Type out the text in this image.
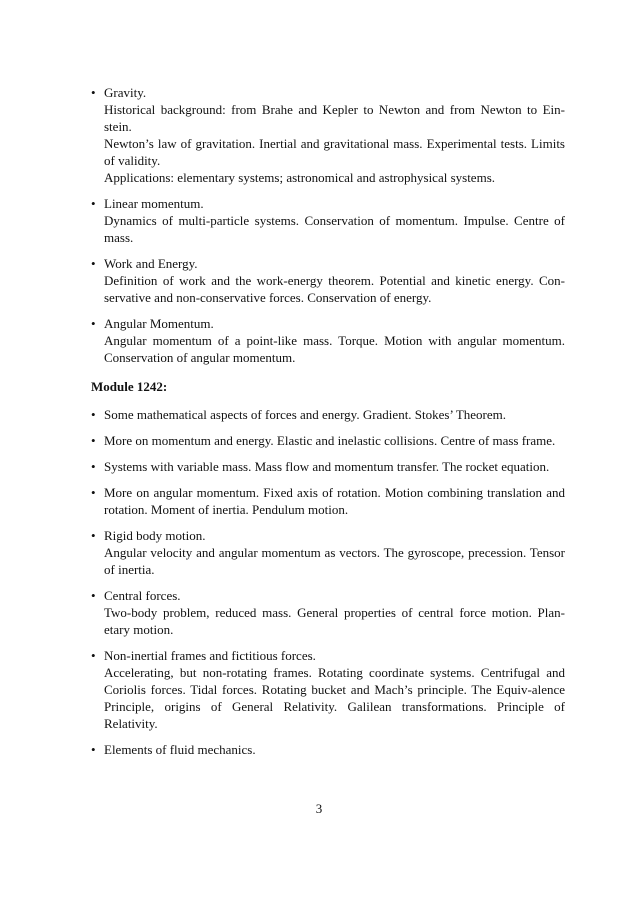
• Gravity.
Historical background: from Brahe and Kepler to Newton and from Newton to Ein-stein.
Newton’s law of gravitation. Inertial and gravitational mass. Experimental tests. Limits of validity.
Applications: elementary systems; astronomical and astrophysical systems.
• Linear momentum.
Dynamics of multi-particle systems. Conservation of momentum. Impulse. Centre of mass.
• Work and Energy.
Definition of work and the work-energy theorem. Potential and kinetic energy. Con-servative and non-conservative forces. Conservation of energy.
• Angular Momentum.
Angular momentum of a point-like mass. Torque. Motion with angular momentum. Conservation of angular momentum.
Module 1242:
• Some mathematical aspects of forces and energy. Gradient. Stokes’ Theorem.
• More on momentum and energy. Elastic and inelastic collisions. Centre of mass frame.
• Systems with variable mass. Mass flow and momentum transfer. The rocket equation.
• More on angular momentum. Fixed axis of rotation. Motion combining translation and rotation. Moment of inertia. Pendulum motion.
• Rigid body motion.
Angular velocity and angular momentum as vectors. The gyroscope, precession. Tensor of inertia.
• Central forces.
Two-body problem, reduced mass. General properties of central force motion. Plan-etary motion.
• Non-inertial frames and fictitious forces.
Accelerating, but non-rotating frames. Rotating coordinate systems. Centrifugal and Coriolis forces. Tidal forces. Rotating bucket and Mach’s principle. The Equiv-alence Principle, origins of General Relativity. Galilean transformations. Principle of Relativity.
• Elements of fluid mechanics.
3
